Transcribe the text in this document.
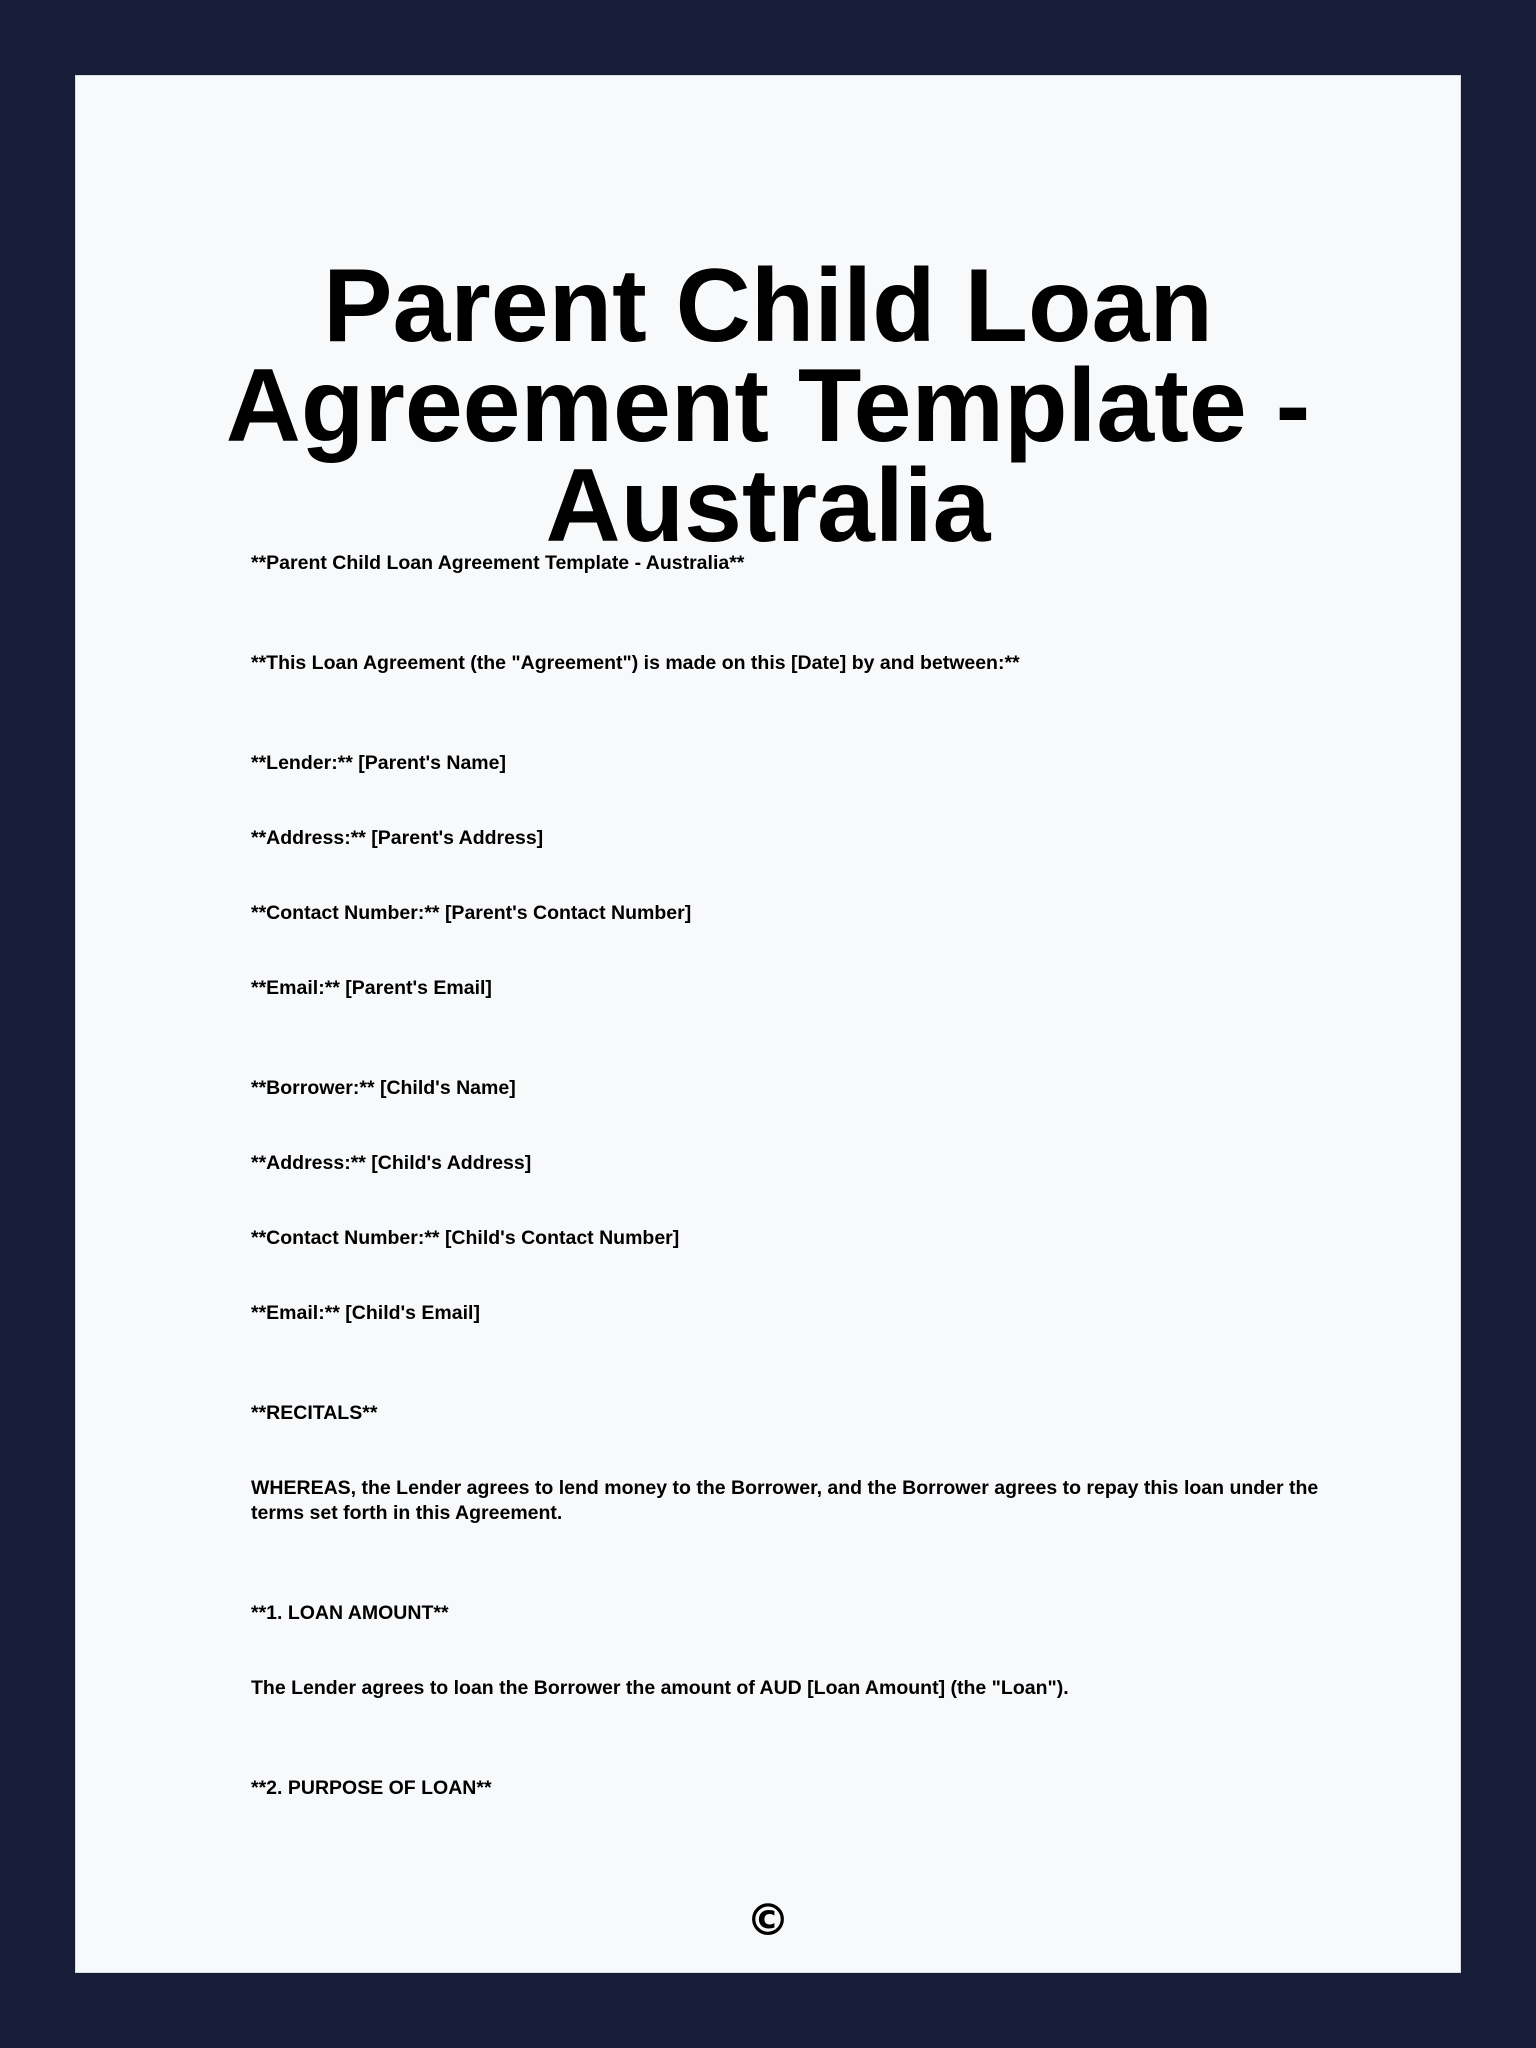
Parent Child Loan Agreement Template - Australia

**Parent Child Loan Agreement Template - Australia**

**This Loan Agreement (the "Agreement") is made on this [Date] by and between:**

**Lender:** [Parent's Name]

**Address:** [Parent's Address]

**Contact Number:** [Parent's Contact Number]

**Email:** [Parent's Email]

**Borrower:** [Child's Name]

**Address:** [Child's Address]

**Contact Number:** [Child's Contact Number]

**Email:** [Child's Email]

**RECITALS**

WHEREAS, the Lender agrees to lend money to the Borrower, and the Borrower agrees to repay this loan under the terms set forth in this Agreement.

**1. LOAN AMOUNT**

The Lender agrees to loan the Borrower the amount of AUD [Loan Amount] (the "Loan").

**2. PURPOSE OF LOAN**

©
